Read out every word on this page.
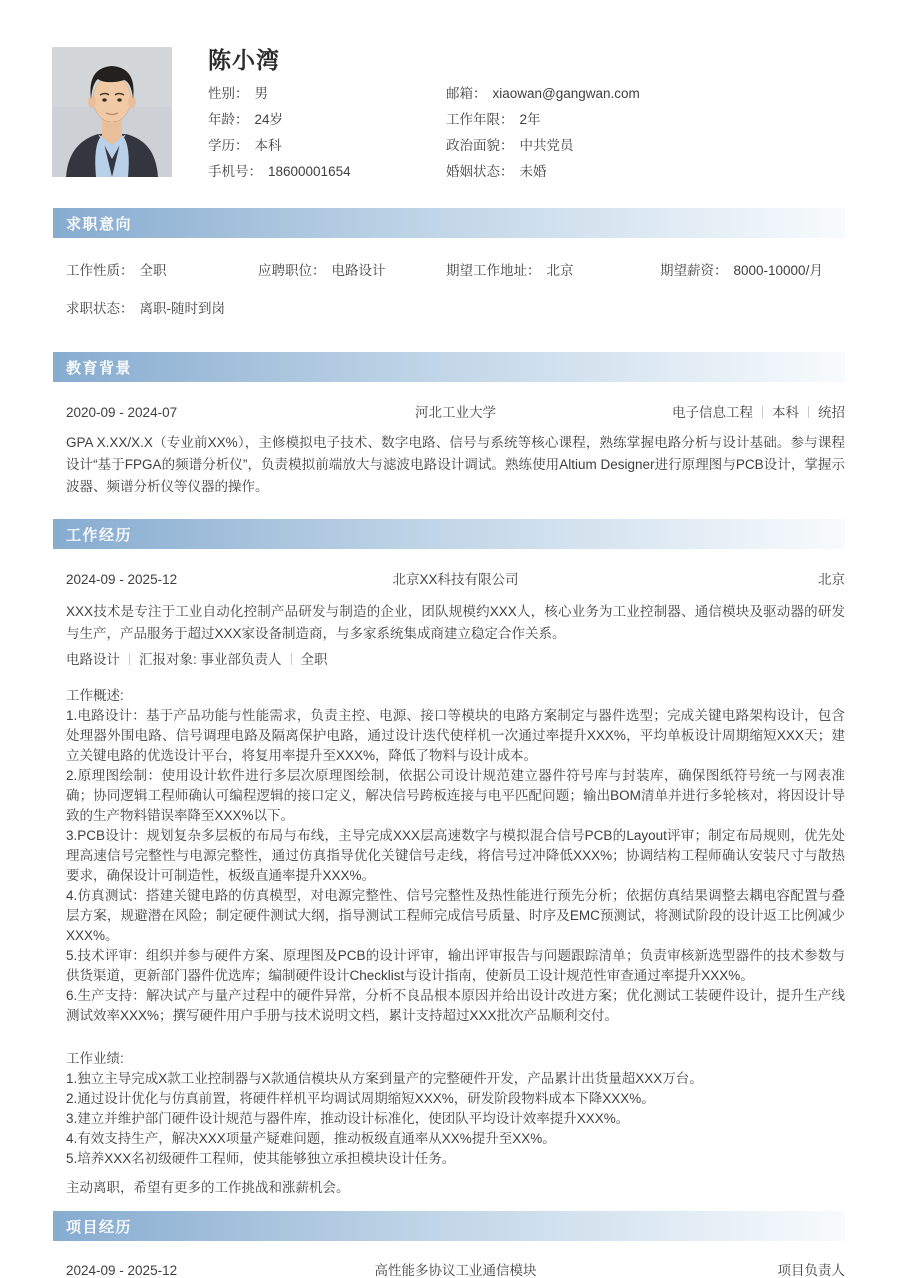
陈小湾
性别： 男	邮箱： xiaowan@gangwan.com
年龄： 24岁	工作年限： 2年
学历： 本科	政治面貌： 中共党员
手机号： 18600001654	婚姻状态： 未婚
求职意向
工作性质： 全职	应聘职位： 电路设计	期望工作地址： 北京	期望薪资： 8000-10000/月
求职状态： 离职-随时到岗
教育背景
2020-09 - 2024-07	河北工业大学	电子信息工程 本科 统招

GPA X.XX/X.X（专业前XX%），主修模拟电子技术、数字电路、信号与系统等核心课程，熟练掌握电路分析与设计基础。参与课程设计“基于FPGA的频谱分析仪”，负责模拟前端放大与滤波电路设计调试。熟练使用Altium Designer进行原理图与PCB设计，掌握示波器、频谱分析仪等仪器的操作。

工作经历
2024-09 - 2025-12	北京XX科技有限公司	北京

XXX技术是专注于工业自动化控制产品研发与制造的企业，团队规模约XXX人，核心业务为工业控制器、通信模块及驱动器的研发与生产，产品服务于超过XXX家设备制造商，与多家系统集成商建立稳定合作关系。

电路设计 汇报对象: 事业部负责人 全职
工作概述:
1.电路设计：基于产品功能与性能需求，负责主控、电源、接口等模块的电路方案制定与器件选型；完成关键电路架构设计，包含处理器外围电路、信号调理电路及隔离保护电路，通过设计迭代使样机一次通过率提升XXX%，平均单板设计周期缩短XXX天；建立关键电路的优选设计平台，将复用率提升至XXX%，降低了物料与设计成本。
2.原理图绘制：使用设计软件进行多层次原理图绘制，依据公司设计规范建立器件符号库与封装库，确保图纸符号统一与网表准确；协同逻辑工程师确认可编程逻辑的接口定义，解决信号跨板连接与电平匹配问题；输出BOM清单并进行多轮核对，将因设计导致的生产物料错误率降至XXX%以下。
3.PCB设计：规划复杂多层板的布局与布线，主导完成XXX层高速数字与模拟混合信号PCB的Layout评审；制定布局规则，优先处理高速信号完整性与电源完整性，通过仿真指导优化关键信号走线，将信号过冲降低XXX%；协调结构工程师确认安装尺寸与散热要求，确保设计可制造性，板级直通率提升XXX%。
4.仿真测试：搭建关键电路的仿真模型，对电源完整性、信号完整性及热性能进行预先分析；依据仿真结果调整去耦电容配置与叠层方案，规避潜在风险；制定硬件测试大纲，指导测试工程师完成信号质量、时序及EMC预测试，将测试阶段的设计返工比例减少XXX%。
5.技术评审：组织并参与硬件方案、原理图及PCB的设计评审，输出评审报告与问题跟踪清单；负责审核新选型器件的技术参数与供货渠道，更新部门器件优选库；编制硬件设计Checklist与设计指南，使新员工设计规范性审查通过率提升XXX%。
6.生产支持：解决试产与量产过程中的硬件异常，分析不良品根本原因并给出设计改进方案；优化测试工装硬件设计，提升生产线测试效率XXX%；撰写硬件用户手册与技术说明文档，累计支持超过XXX批次产品顺利交付。
工作业绩:
1.独立主导完成X款工业控制器与X款通信模块从方案到量产的完整硬件开发，产品累计出货量超XXX万台。
2.通过设计优化与仿真前置，将硬件样机平均调试周期缩短XXX%，研发阶段物料成本下降XXX%。
3.建立并维护部门硬件设计规范与器件库，推动设计标准化，使团队平均设计效率提升XXX%。
4.有效支持生产，解决XXX项量产疑难问题，推动板级直通率从XX%提升至XX%。
5.培养XXX名初级硬件工程师，使其能够独立承担模块设计任务。
主动离职，希望有更多的工作挑战和涨薪机会。
项目经历
2024-09 - 2025-12	高性能多协议工业通信模块	项目负责人
